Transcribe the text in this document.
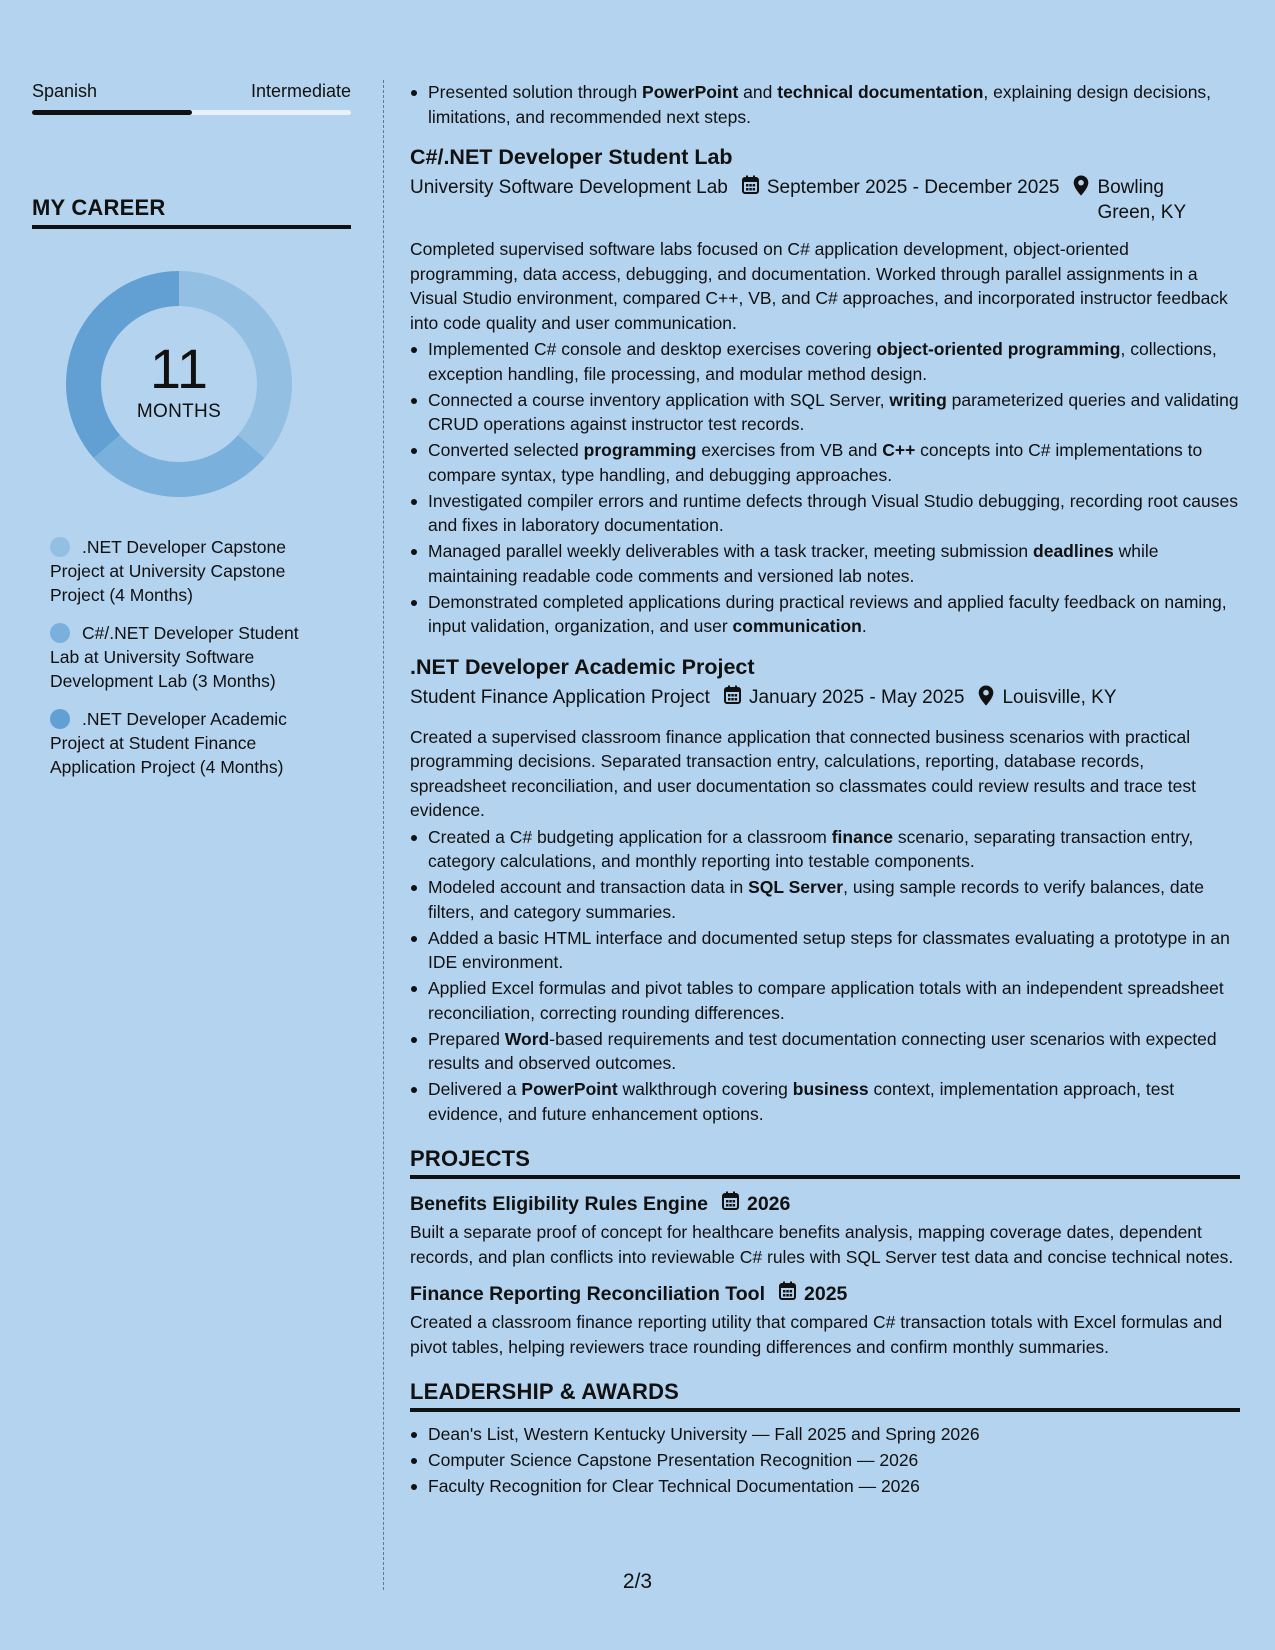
Spanish	Intermediate
MY CAREER
11
MONTHS
.NET Developer Capstone Project at University Capstone Project (4 Months)
C#/.NET Developer Student Lab at University Software Development Lab (3 Months)
.NET Developer Academic Project at Student Finance Application Project (4 Months)
Presented solution through PowerPoint and technical documentation, explaining design decisions, limitations, and recommended next steps.
C#/.NET Developer Student Lab
University Software Development Lab September 2025 - December 2025 Bowling Green, KY
Completed supervised software labs focused on C# application development, object-oriented programming, data access, debugging, and documentation. Worked through parallel assignments in a Visual Studio environment, compared C++, VB, and C# approaches, and incorporated instructor feedback into code quality and user communication.
Implemented C# console and desktop exercises covering object-oriented programming, collections, exception handling, file processing, and modular method design.
Connected a course inventory application with SQL Server, writing parameterized queries and validating CRUD operations against instructor test records.
Converted selected programming exercises from VB and C++ concepts into C# implementations to compare syntax, type handling, and debugging approaches.
Investigated compiler errors and runtime defects through Visual Studio debugging, recording root causes and fixes in laboratory documentation.
Managed parallel weekly deliverables with a task tracker, meeting submission deadlines while maintaining readable code comments and versioned lab notes.
Demonstrated completed applications during practical reviews and applied faculty feedback on naming, input validation, organization, and user communication.
.NET Developer Academic Project
Student Finance Application Project January 2025 - May 2025 Louisville, KY
Created a supervised classroom finance application that connected business scenarios with practical programming decisions. Separated transaction entry, calculations, reporting, database records, spreadsheet reconciliation, and user documentation so classmates could review results and trace test evidence.
Created a C# budgeting application for a classroom finance scenario, separating transaction entry, category calculations, and monthly reporting into testable components.
Modeled account and transaction data in SQL Server, using sample records to verify balances, date filters, and category summaries.
Added a basic HTML interface and documented setup steps for classmates evaluating a prototype in an IDE environment.
Applied Excel formulas and pivot tables to compare application totals with an independent spreadsheet reconciliation, correcting rounding differences.
Prepared Word-based requirements and test documentation connecting user scenarios with expected results and observed outcomes.
Delivered a PowerPoint walkthrough covering business context, implementation approach, test evidence, and future enhancement options.
PROJECTS
Benefits Eligibility Rules Engine 2026
Built a separate proof of concept for healthcare benefits analysis, mapping coverage dates, dependent records, and plan conflicts into reviewable C# rules with SQL Server test data and concise technical notes.
Finance Reporting Reconciliation Tool 2025
Created a classroom finance reporting utility that compared C# transaction totals with Excel formulas and pivot tables, helping reviewers trace rounding differences and confirm monthly summaries.
LEADERSHIP & AWARDS
Dean's List, Western Kentucky University — Fall 2025 and Spring 2026
Computer Science Capstone Presentation Recognition — 2026
Faculty Recognition for Clear Technical Documentation — 2026
2/3
